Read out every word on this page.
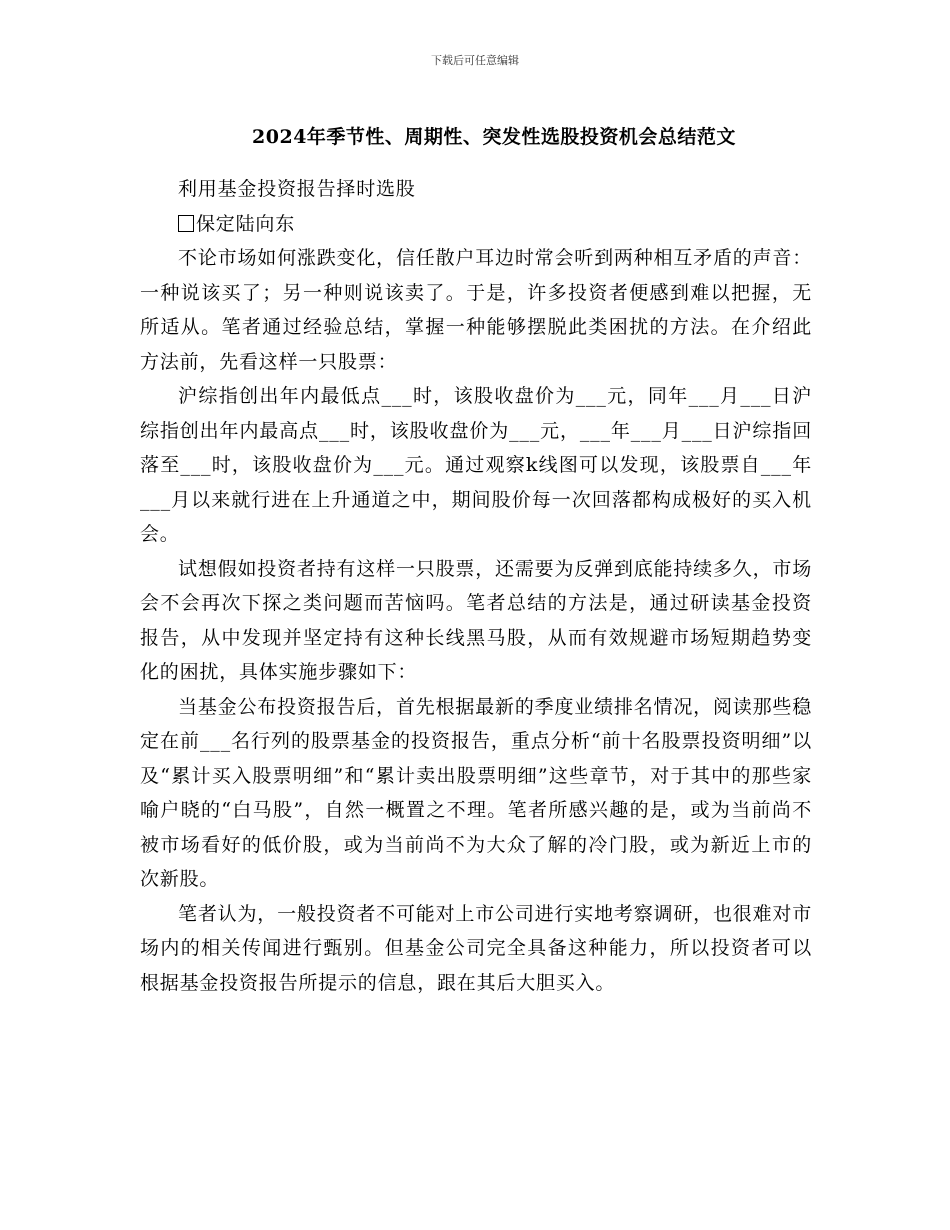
下载后可任意编辑
2024年季节性、周期性、突发性选股投资机会总结范文

利用基金投资报告择时选股

保定陆向东

不论市场如何涨跌变化，信任散户耳边时常会听到两种相互矛盾的声音：一种说该买了；另一种则说该卖了。于是，许多投资者便感到难以把握，无所适从。笔者通过经验总结，掌握一种能够摆脱此类困扰的方法。在介绍此方法前，先看这样一只股票：

沪综指创出年内最低点___时，该股收盘价为___元，同年___月___日沪综指创出年内最高点___时，该股收盘价为___元，___年___月___日沪综指回落至___时，该股收盘价为___元。通过观察k线图可以发现，该股票自___年___月以来就行进在上升通道之中，期间股价每一次回落都构成极好的买入机会。

试想假如投资者持有这样一只股票，还需要为反弹到底能持续多久，市场会不会再次下探之类问题而苦恼吗。笔者总结的方法是，通过研读基金投资报告，从中发现并坚定持有这种长线黑马股，从而有效规避市场短期趋势变化的困扰，具体实施步骤如下：

当基金公布投资报告后，首先根据最新的季度业绩排名情况，阅读那些稳定在前___名行列的股票基金的投资报告，重点分析“前十名股票投资明细”以及“累计买入股票明细”和“累计卖出股票明细”这些章节，对于其中的那些家喻户晓的“白马股”，自然一概置之不理。笔者所感兴趣的是，或为当前尚不被市场看好的低价股，或为当前尚不为大众了解的冷门股，或为新近上市的次新股。

笔者认为，一般投资者不可能对上市公司进行实地考察调研，也很难对市场内的相关传闻进行甄别。但基金公司完全具备这种能力，所以投资者可以根据基金投资报告所提示的信息，跟在其后大胆买入。
